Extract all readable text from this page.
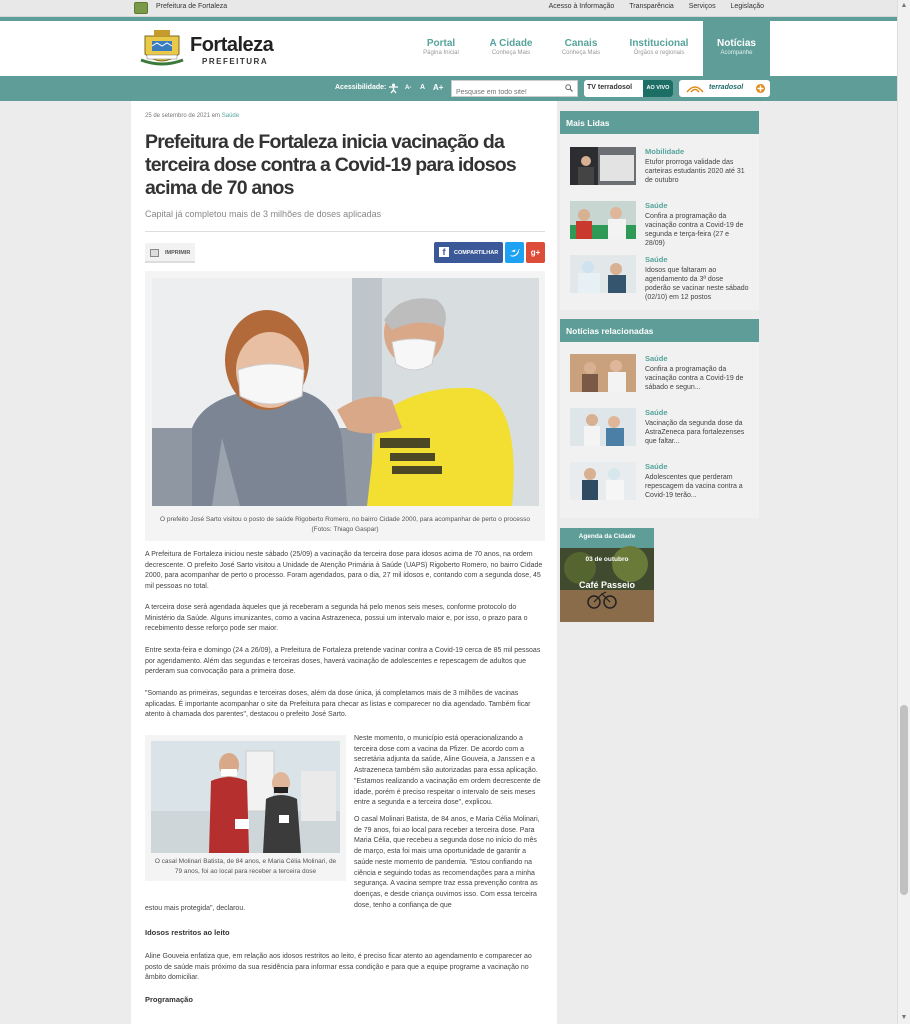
Prefeitura de Fortaleza	Acesso à Informação Transparência Serviços Legislação
Fortaleza
PREFEITURA
Portal
Página Inicial
A Cidade
Conheça Mais
Canais
Conheça Mais
Institucional
Órgãos e regionais
Notícias
Acompanhe
Acessibilidade:	A- A A+
Pesquise em todo site!	TV terradosol	AO VIVO	terradosol
25 de setembro de 2021 em Saúde
Prefeitura de Fortaleza inicia vacinação da terceira dose contra a Covid-19 para idosos acima de 70 anos
Capital já completou mais de 3 milhões de doses aplicadas
IMPRIMIR	f	COMPARTILHAR	g+
O prefeito José Sarto visitou o posto de saúde Rigoberto Romero, no bairro Cidade 2000, para acompanhar de perto o processo (Fotos: Thiago Gaspar)

A Prefeitura de Fortaleza iniciou neste sábado (25/09) a vacinação da terceira dose para idosos acima de 70 anos, na ordem decrescente. O prefeito José Sarto visitou a Unidade de Atenção Primária à Saúde (UAPS) Rigoberto Romero, no bairro Cidade 2000, para acompanhar de perto o processo. Foram agendados, para o dia, 27 mil idosos e, contando com a segunda dose, 45 mil pessoas no total.

A terceira dose será agendada àqueles que já receberam a segunda há pelo menos seis meses, conforme protocolo do Ministério da Saúde. Alguns imunizantes, como a vacina Astrazeneca, possui um intervalo maior e, por isso, o prazo para o recebimento desse reforço pode ser maior.

Entre sexta-feira e domingo (24 a 26/09), a Prefeitura de Fortaleza pretende vacinar contra a Covid-19 cerca de 85 mil pessoas por agendamento. Além das segundas e terceiras doses, haverá vacinação de adolescentes e repescagem de adultos que perderam sua convocação para a primeira dose.

"Somando as primeiras, segundas e terceiras doses, além da dose única, já completamos mais de 3 milhões de vacinas aplicadas. É importante acompanhar o site da Prefeitura para checar as listas e comparecer no dia agendado. Também ficar atento à chamada dos parentes", destacou o prefeito José Sarto.

O casal Molinari Batista, de 84 anos, e Maria Célia Molinari, de 79 anos, foi ao local para receber a terceira dose

Neste momento, o município está operacionalizando a terceira dose com a vacina da Pfizer. De acordo com a secretária adjunta da saúde, Aline Gouveia, a Janssen e a Astrazeneca também são autorizadas para essa aplicação. "Estamos realizando a vacinação em ordem decrescente de idade, porém é preciso respeitar o intervalo de seis meses entre a segunda e a terceira dose", explicou.

O casal Molinari Batista, de 84 anos, e Maria Célia Molinari, de 79 anos, foi ao local para receber a terceira dose. Para Maria Célia, que recebeu a segunda dose no início do mês de março, esta foi mais uma oportunidade de garantir a saúde neste momento de pandemia. "Estou confiando na ciência e seguindo todas as recomendações para a minha segurança. A vacina sempre traz essa prevenção contra as doenças, e desde criança ouvimos isso. Com essa terceira dose, tenho a confiança de que

estou mais protegida", declarou.

Idosos restritos ao leito

Aline Gouveia enfatiza que, em relação aos idosos restritos ao leito, é preciso ficar atento ao agendamento e comparecer ao posto de saúde mais próximo da sua residência para informar essa condição e para que a equipe programe a vacinação no âmbito domiciliar.

Programação
Mais Lidas
Mobilidade
Etufor prorroga validade das carteiras estudantis 2020 até 31 de outubro
Saúde
Confira a programação da vacinação contra a Covid-19 de segunda e terça-feira (27 e 28/09)
Saúde
Idosos que faltaram ao agendamento da 3ª dose poderão se vacinar neste sábado (02/10) em 12 postos
Notícias relacionadas
Saúde
Confira a programação da vacinação contra a Covid-19 de sábado e segun...
Saúde
Vacinação da segunda dose da AstraZeneca para fortalezenses que faltar...
Saúde
Adolescentes que perderam repescagem da vacina contra a Covid-19 terão...
Agenda da Cidade
03 de outubro
Café Passeio
▲
▼
